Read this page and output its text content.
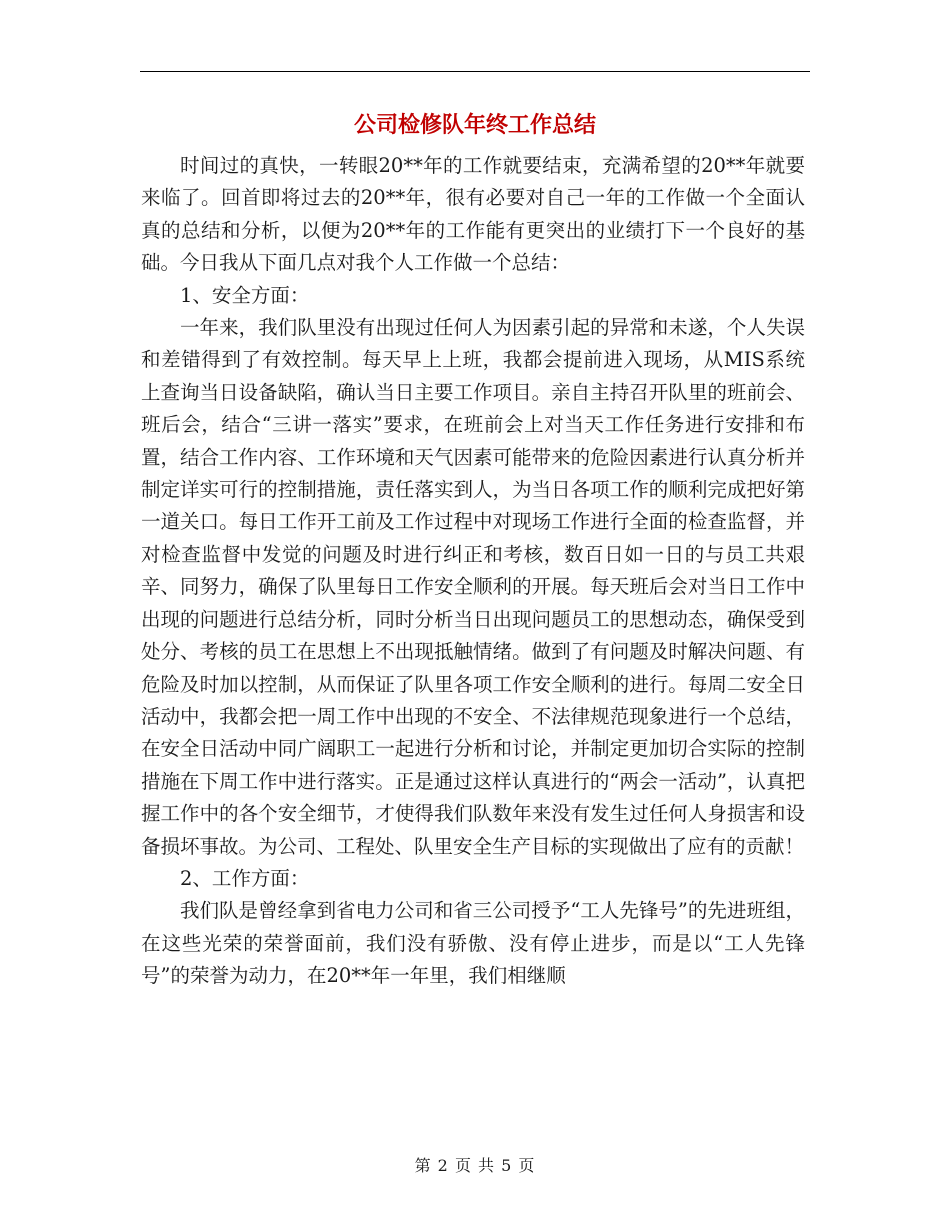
公司检修队年终工作总结

时间过的真快，一转眼20**年的工作就要结束，充满希望的20**年就要来临了。回首即将过去的20**年，很有必要对自己一年的工作做一个全面认真的总结和分析，以便为20**年的工作能有更突出的业绩打下一个良好的基础。今日我从下面几点对我个人工作做一个总结：

1、安全方面：

一年来，我们队里没有出现过任何人为因素引起的异常和未遂，个人失误和差错得到了有效控制。每天早上上班，我都会提前进入现场，从MIS系统上查询当日设备缺陷，确认当日主要工作项目。亲自主持召开队里的班前会、班后会，结合“三讲一落实”要求，在班前会上对当天工作任务进行安排和布置，结合工作内容、工作环境和天气因素可能带来的危险因素进行认真分析并制定详实可行的控制措施，责任落实到人，为当日各项工作的顺利完成把好第一道关口。每日工作开工前及工作过程中对现场工作进行全面的检查监督，并对检查监督中发觉的问题及时进行纠正和考核，数百日如一日的与员工共艰辛、同努力，确保了队里每日工作安全顺利的开展。每天班后会对当日工作中出现的问题进行总结分析，同时分析当日出现问题员工的思想动态，确保受到处分、考核的员工在思想上不出现抵触情绪。做到了有问题及时解决问题、有危险及时加以控制，从而保证了队里各项工作安全顺利的进行。每周二安全日活动中，我都会把一周工作中出现的不安全、不法律规范现象进行一个总结，在安全日活动中同广阔职工一起进行分析和讨论，并制定更加切合实际的控制措施在下周工作中进行落实。正是通过这样认真进行的“两会一活动”，认真把握工作中的各个安全细节，才使得我们队数年来没有发生过任何人身损害和设备损坏事故。为公司、工程处、队里安全生产目标的实现做出了应有的贡献！

2、工作方面：

我们队是曾经拿到省电力公司和省三公司授予“工人先锋号”的先进班组，在这些光荣的荣誉面前，我们没有骄傲、没有停止进步，而是以“工人先锋号”的荣誉为动力，在20**年一年里，我们相继顺

第 2 页 共 5 页
